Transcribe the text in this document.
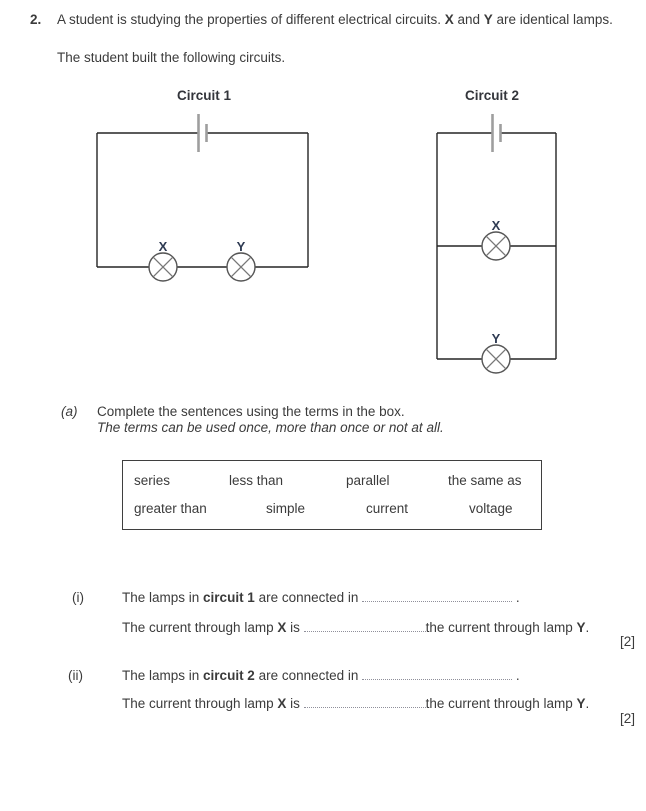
2. A student is studying the properties of different electrical circuits. X and Y are identical lamps.
The student built the following circuits.
Circuit 1
X	Y
Circuit 2
X
Y
(a) Complete the sentences using the terms in the box.
The terms can be used once, more than once or not at all.
series	less than	parallel	the same as
greater than	simple	current	voltage
(i)	The lamps in circuit 1 are connected in	.
The current through lamp X is	the current through lamp Y.
[2]
(ii)	The lamps in circuit 2 are connected in	.
The current through lamp X is	the current through lamp Y.
[2]
